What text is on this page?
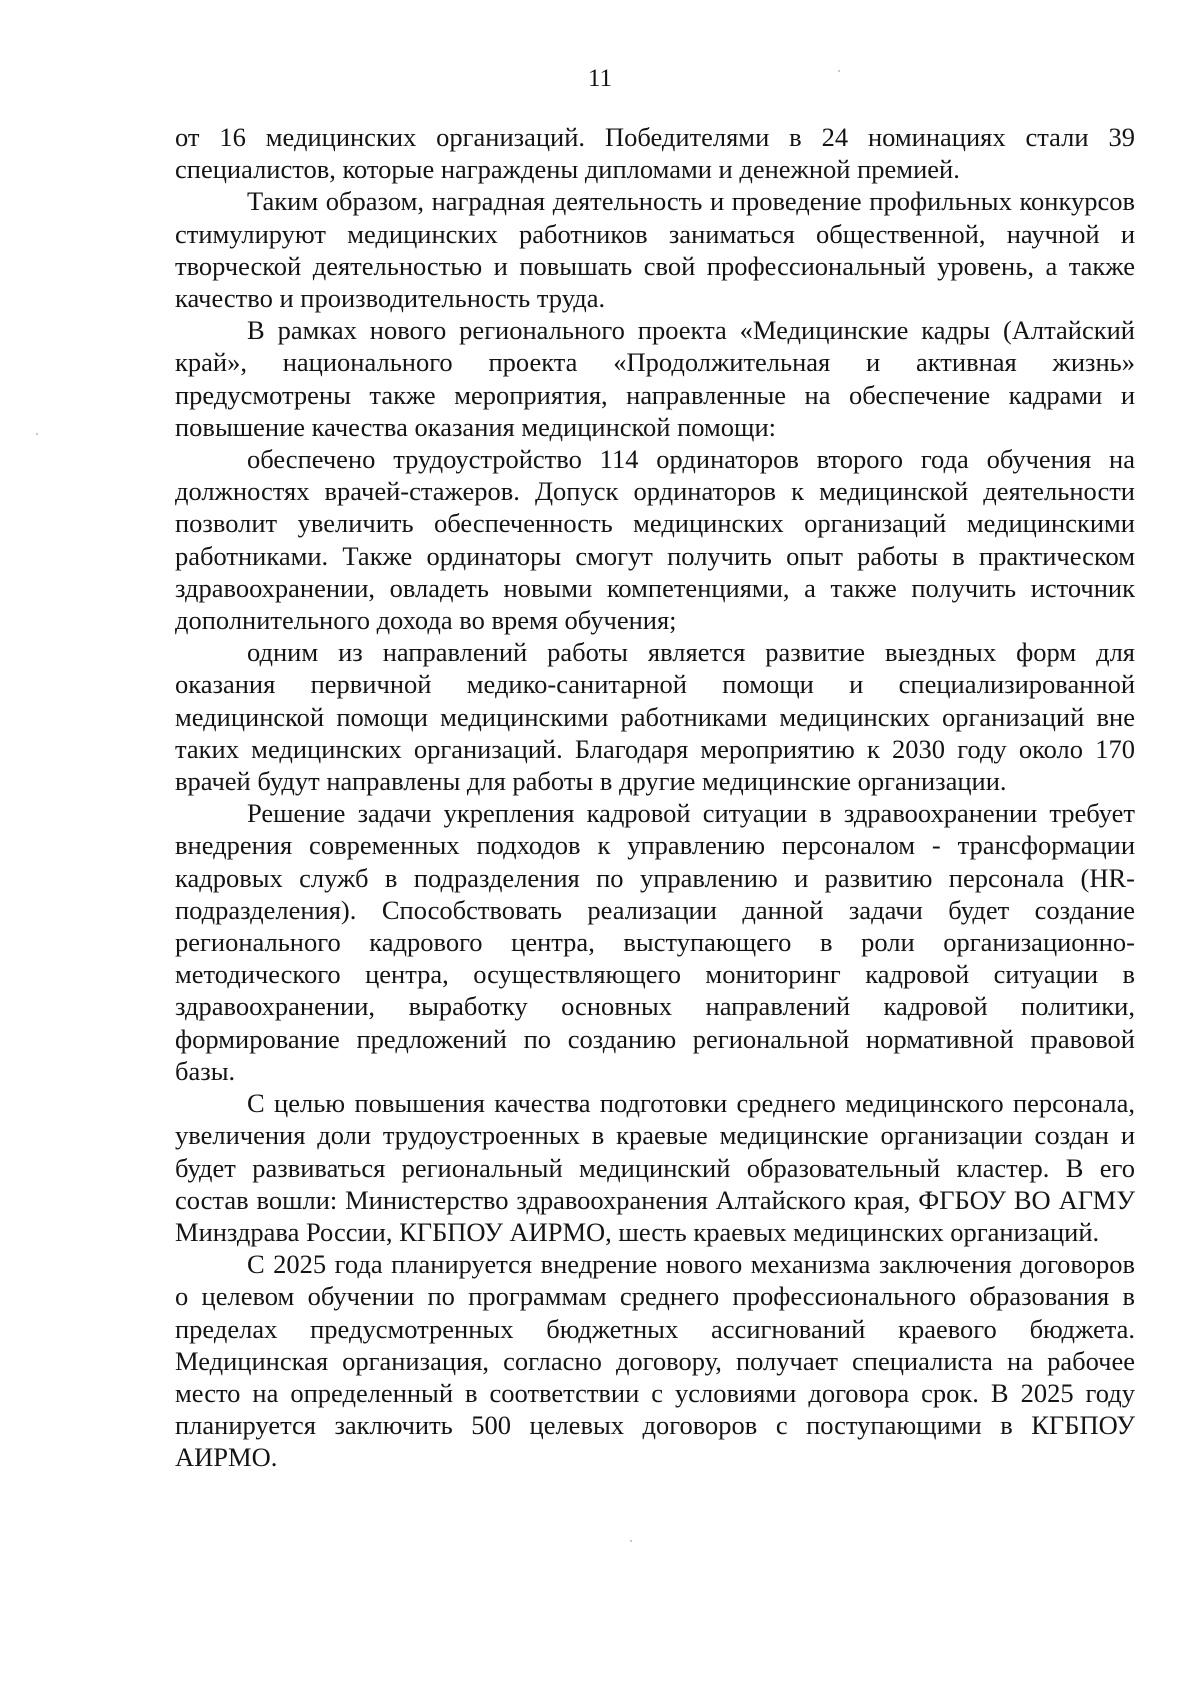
11

от 16 медицинских организаций. Победителями в 24 номинациях стали 39 специалистов, которые награждены дипломами и денежной премией.

Таким образом, наградная деятельность и проведение профильных конкурсов стимулируют медицинских работников заниматься общественной, научной и творческой деятельностью и повышать свой профессиональный уровень, а также качество и производительность труда.

В рамках нового регионального проекта «Медицинские кадры (Алтайский край», национального проекта «Продолжительная и активная жизнь» предусмотрены также мероприятия, направленные на обеспечение кадрами и повышение качества оказания медицинской помощи:

обеспечено трудоустройство 114 ординаторов второго года обучения на должностях врачей-стажеров. Допуск ординаторов к медицинской деятельности позволит увеличить обеспеченность медицинских организаций медицинскими работниками. Также ординаторы смогут получить опыт работы в практическом здравоохранении, овладеть новыми компетенциями, а также получить источник дополнительного дохода во время обучения;

одним из направлений работы является развитие выездных форм для оказания первичной медико-санитарной помощи и специализированной медицинской помощи медицинскими работниками медицинских организаций вне таких медицинских организаций. Благодаря мероприятию к 2030 году около 170 врачей будут направлены для работы в другие медицинские организации.

Решение задачи укрепления кадровой ситуации в здравоохранении требует внедрения современных подходов к управлению персоналом - трансформации кадровых служб в подразделения по управлению и развитию персонала (HR-подразделения). Способствовать реализации данной задачи будет создание регионального кадрового центра, выступающего в роли организационно-методического центра, осуществляющего мониторинг кадровой ситуации в здравоохранении, выработку основных направлений кадровой политики, формирование предложений по созданию региональной нормативной правовой базы.

С целью повышения качества подготовки среднего медицинского персонала, увеличения доли трудоустроенных в краевые медицинские организации создан и будет развиваться региональный медицинский образовательный кластер. В его состав вошли: Министерство здравоохранения Алтайского края, ФГБОУ ВО АГМУ Минздрава России, КГБПОУ АИРМО, шесть краевых медицинских организаций.

С 2025 года планируется внедрение нового механизма заключения договоров о целевом обучении по программам среднего профессионального образования в пределах предусмотренных бюджетных ассигнований краевого бюджета. Медицинская организация, согласно договору, получает специалиста на рабочее место на определенный в соответствии с условиями договора срок. В 2025 году планируется заключить 500 целевых договоров с поступающими в КГБПОУ АИРМО.
